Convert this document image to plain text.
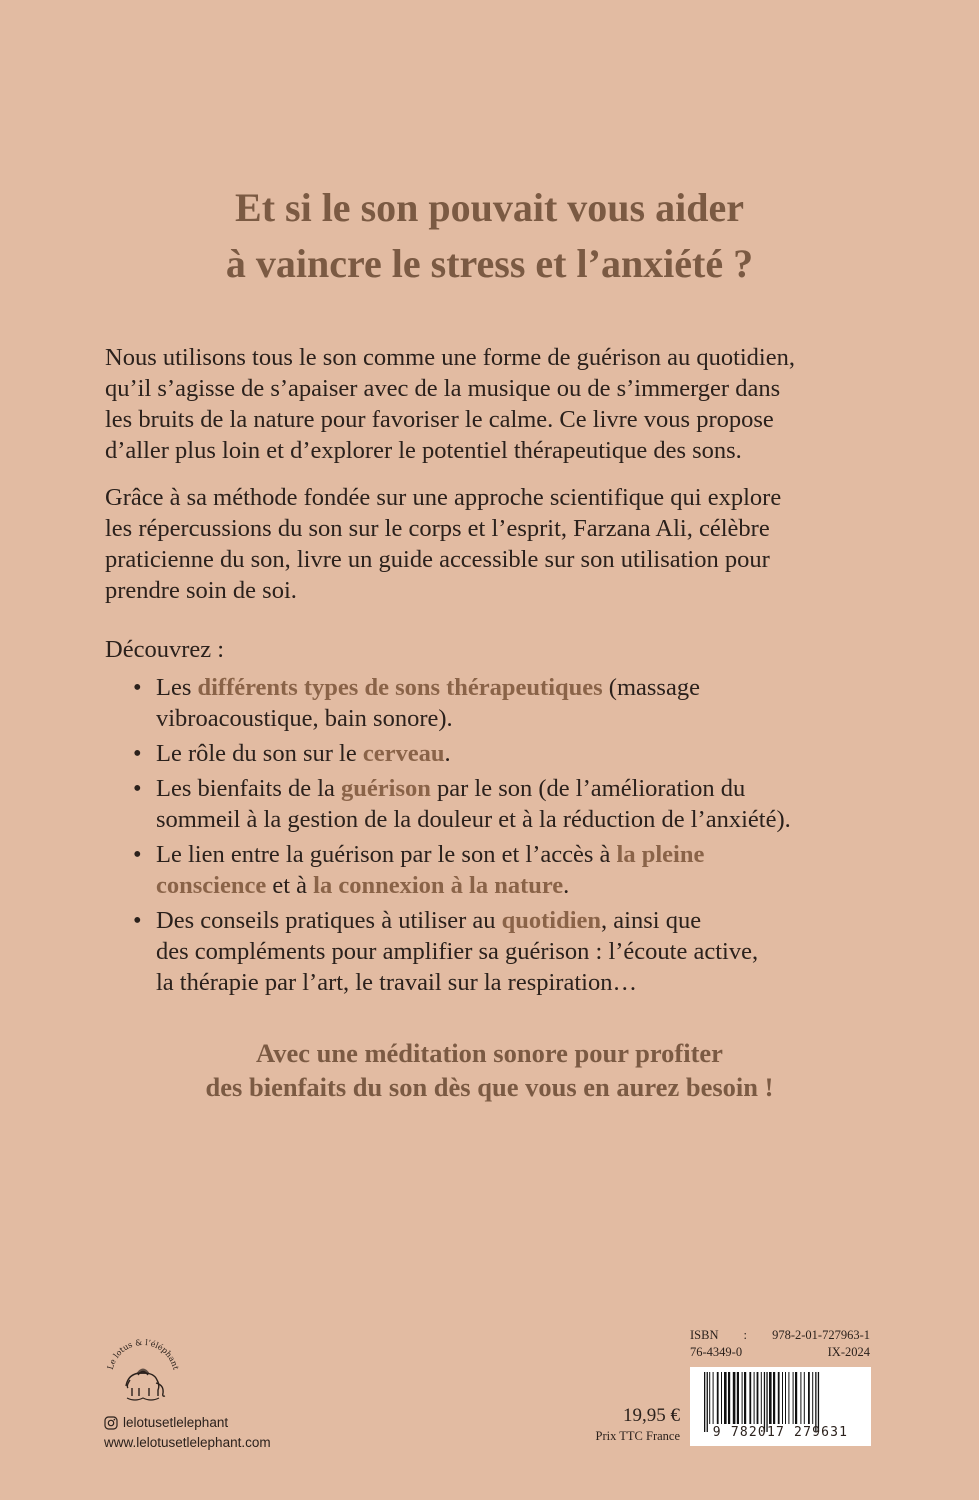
Et si le son pouvait vous aider
à vaincre le stress et l’anxiété ?
Nous utilisons tous le son comme une forme de guérison au quotidien,
qu’il s’agisse de s’apaiser avec de la musique ou de s’immerger dans
les bruits de la nature pour favoriser le calme. Ce livre vous propose
d’aller plus loin et d’explorer le potentiel thérapeutique des sons.
Grâce à sa méthode fondée sur une approche scientifique qui explore
les répercussions du son sur le corps et l’esprit, Farzana Ali, célèbre
praticienne du son, livre un guide accessible sur son utilisation pour
prendre soin de soi.
Découvrez :
• Les différents types de sons thérapeutiques (massage
vibroacoustique, bain sonore).
• Le rôle du son sur le cerveau.
• Les bienfaits de la guérison par le son (de l’amélioration du
sommeil à la gestion de la douleur et à la réduction de l’anxiété).
• Le lien entre la guérison par le son et l’accès à la pleine
conscience et à la connexion à la nature.
• Des conseils pratiques à utiliser au quotidien, ainsi que
des compléments pour amplifier sa guérison : l’écoute active,
la thérapie par l’art, le travail sur la respiration…
Avec une méditation sonore pour profiter
des bienfaits du son dès que vous en aurez besoin !
Le lotus & l’éléphant
lelotusetlelephant
www.lelotusetlelephant.com
19,95 €
Prix TTC France
ISBN : 978-2-01-727963-1
76-4349-0	IX-2024
9 782017 279631
